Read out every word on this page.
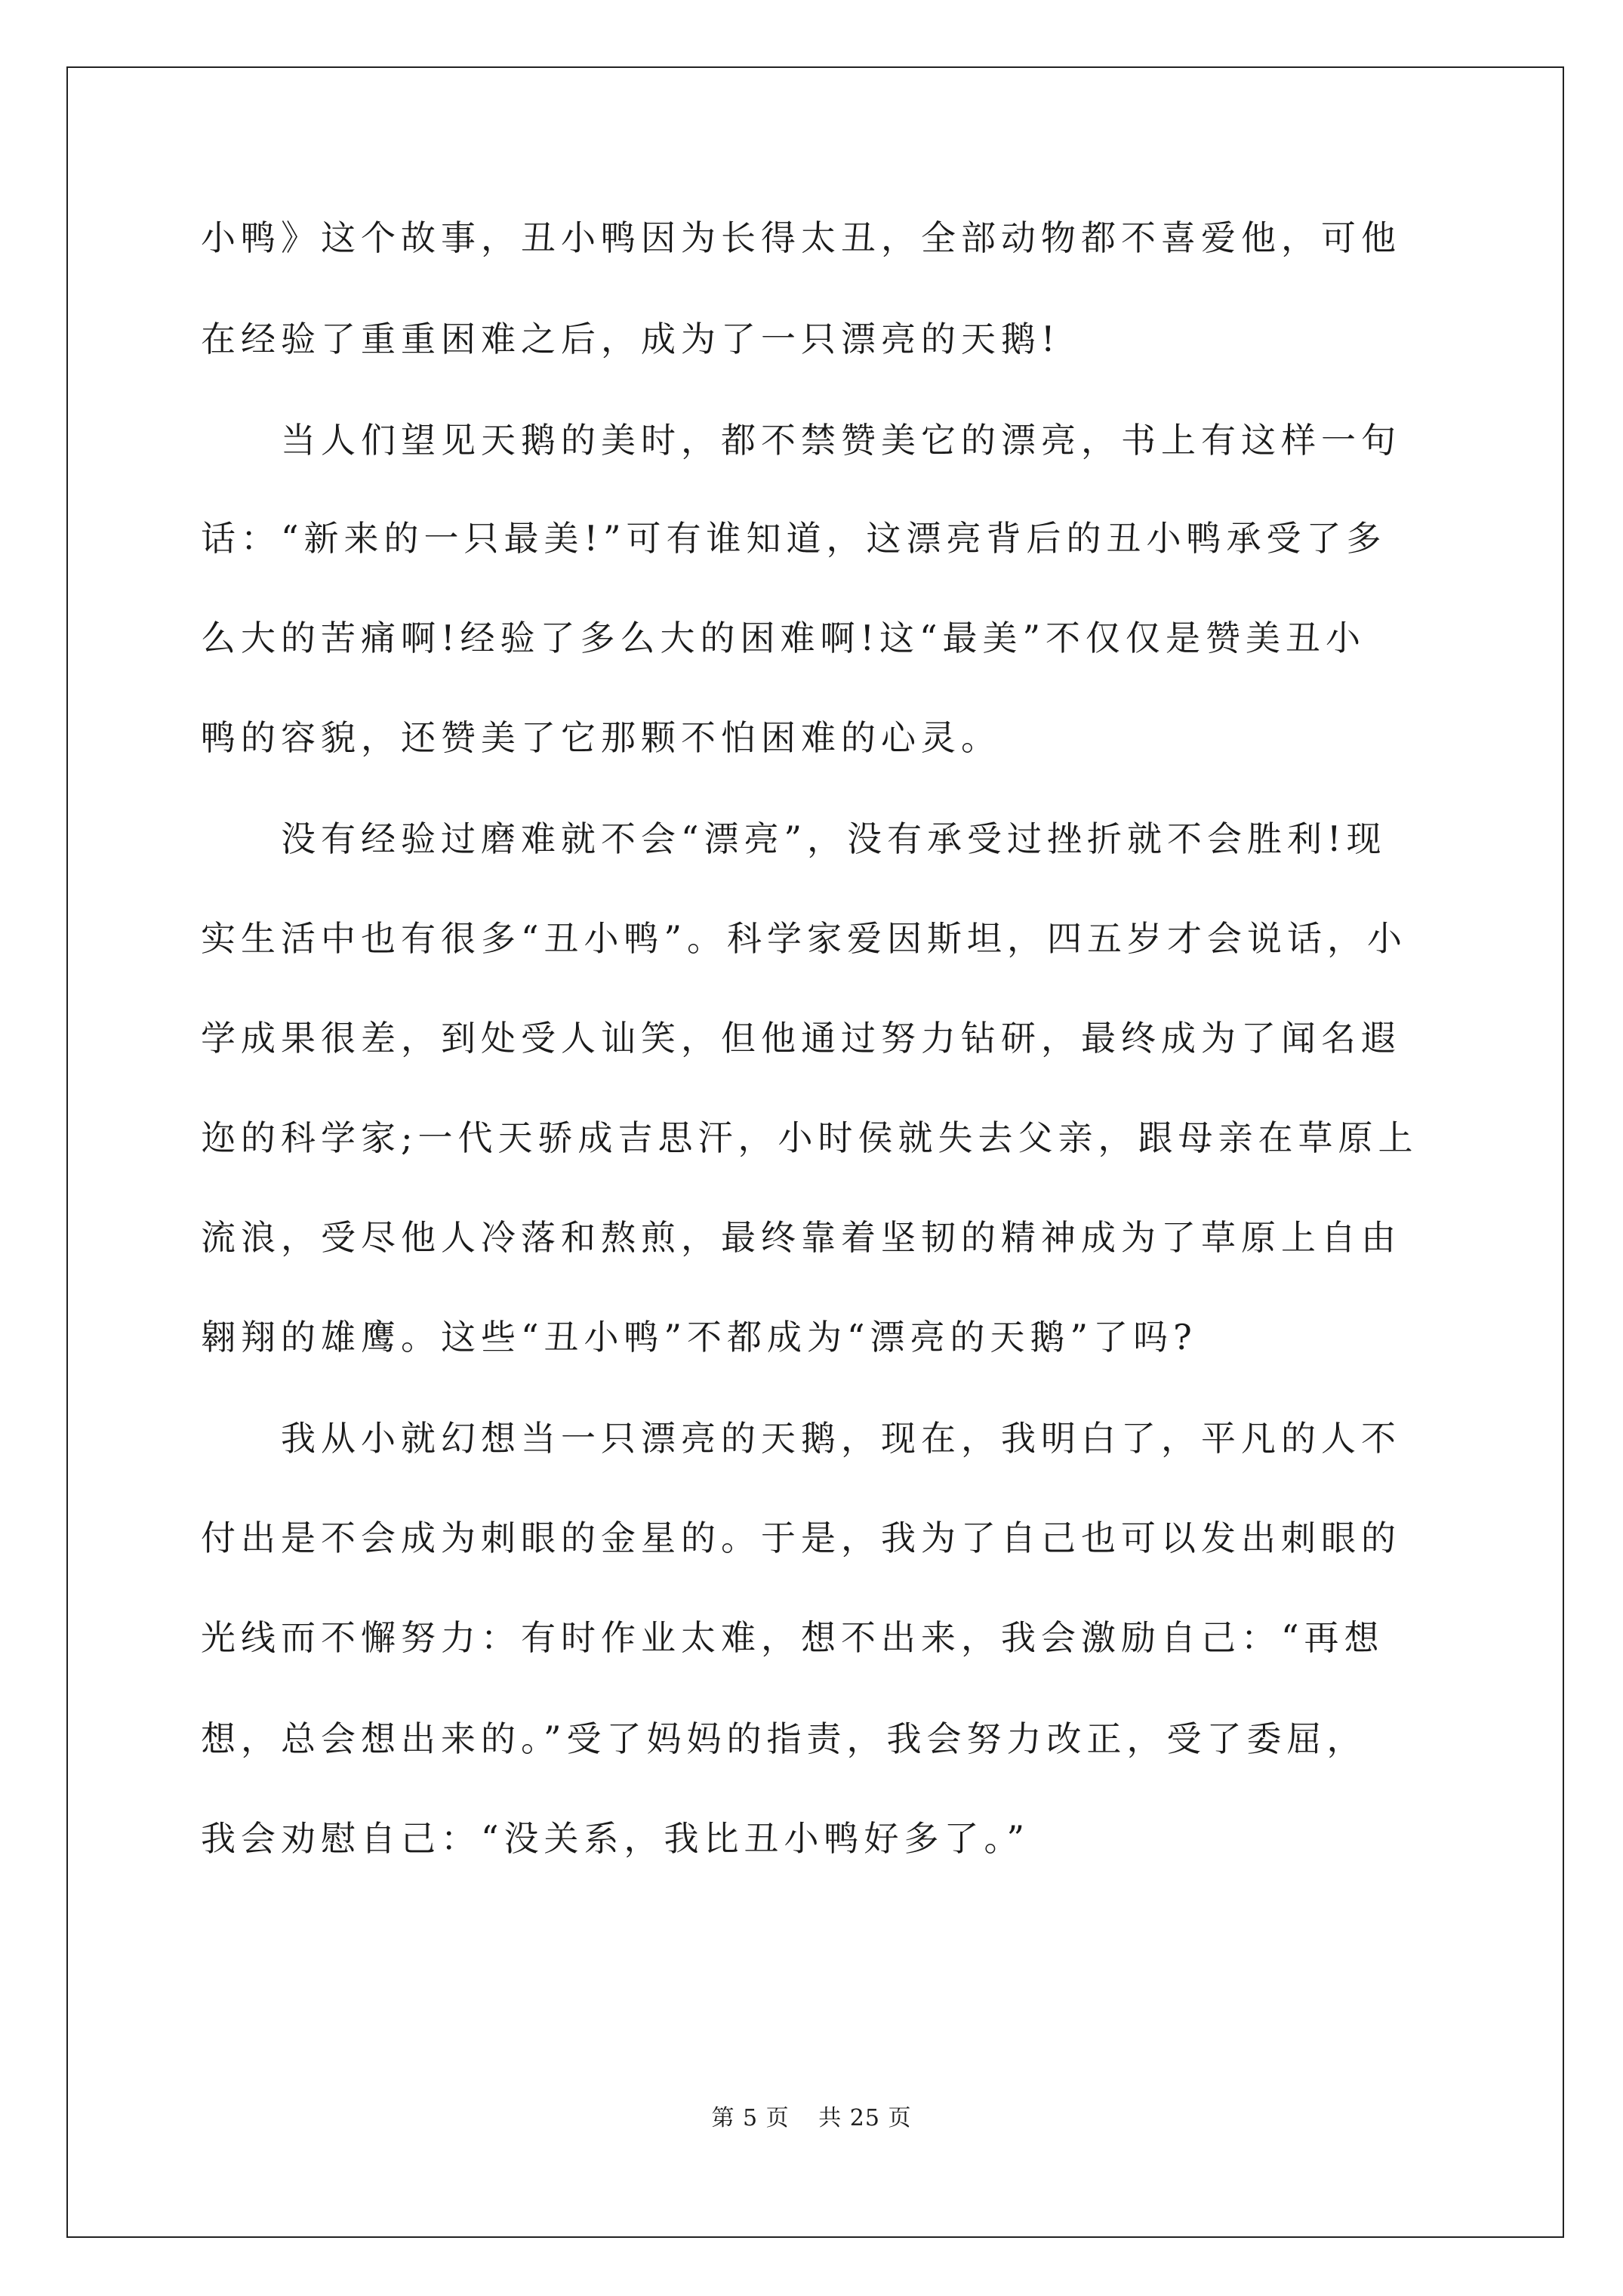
小鸭》这个故事，丑小鸭因为长得太丑，全部动物都不喜爱他，可他
在经验了重重困难之后，成为了一只漂亮的天鹅!
　　当人们望见天鹅的美时，都不禁赞美它的漂亮，书上有这样一句
话：“新来的一只最美!”可有谁知道，这漂亮背后的丑小鸭承受了多
么大的苦痛啊!经验了多么大的困难啊!这“最美”不仅仅是赞美丑小
鸭的容貌，还赞美了它那颗不怕困难的心灵。
　　没有经验过磨难就不会“漂亮”，没有承受过挫折就不会胜利!现
实生活中也有很多“丑小鸭”。科学家爱因斯坦，四五岁才会说话，小
学成果很差，到处受人讪笑，但他通过努力钻研，最终成为了闻名遐
迩的科学家;一代天骄成吉思汗，小时侯就失去父亲，跟母亲在草原上
流浪，受尽他人冷落和熬煎，最终靠着坚韧的精神成为了草原上自由
翱翔的雄鹰。这些“丑小鸭”不都成为“漂亮的天鹅”了吗?
　　我从小就幻想当一只漂亮的天鹅，现在，我明白了，平凡的人不
付出是不会成为刺眼的金星的。于是，我为了自己也可以发出刺眼的
光线而不懈努力：有时作业太难，想不出来，我会激励自己：“再想
想，总会想出来的。”受了妈妈的指责，我会努力改正，受了委屈，
我会劝慰自己：“没关系，我比丑小鸭好多了。”
第 5 页 共 25 页
